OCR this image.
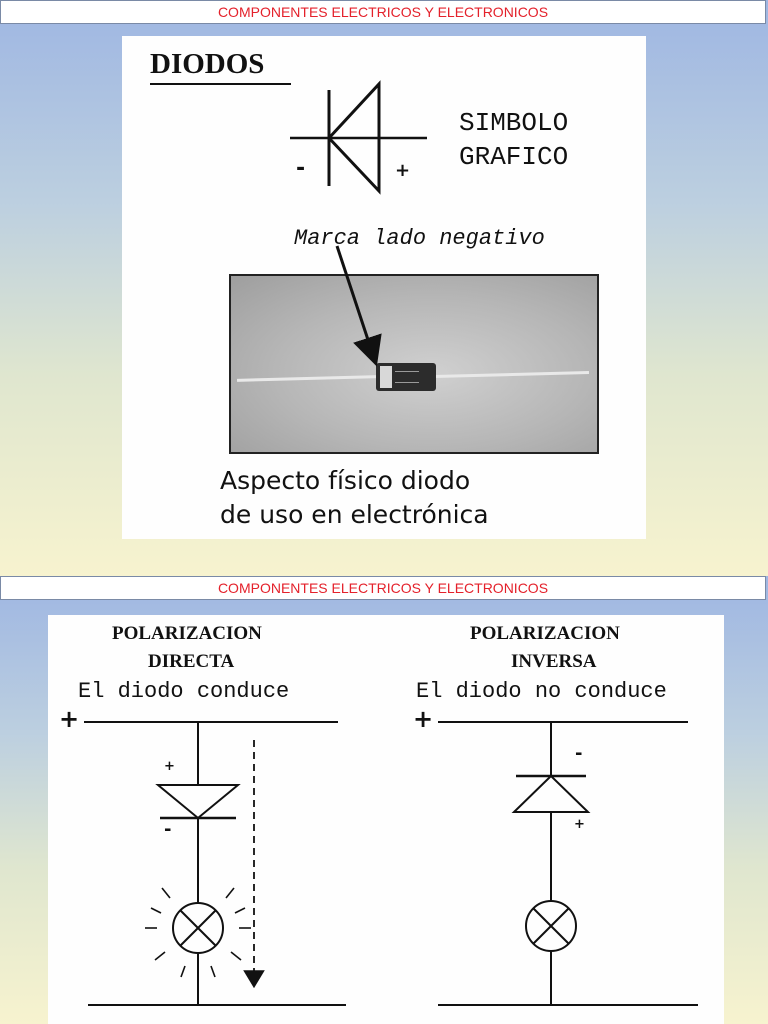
COMPONENTES ELECTRICOS Y ELECTRONICOS
DIODOS
-	+
SIMBOLO
GRAFICO
Marca lado negativo
Aspecto físico diodo
de uso en electrónica
COMPONENTES ELECTRICOS Y ELECTRONICOS
POLARIZACION
DIRECTA
El diodo conduce
+
+
-
POLARIZACION
INVERSA
El diodo no conduce
+
-
+
